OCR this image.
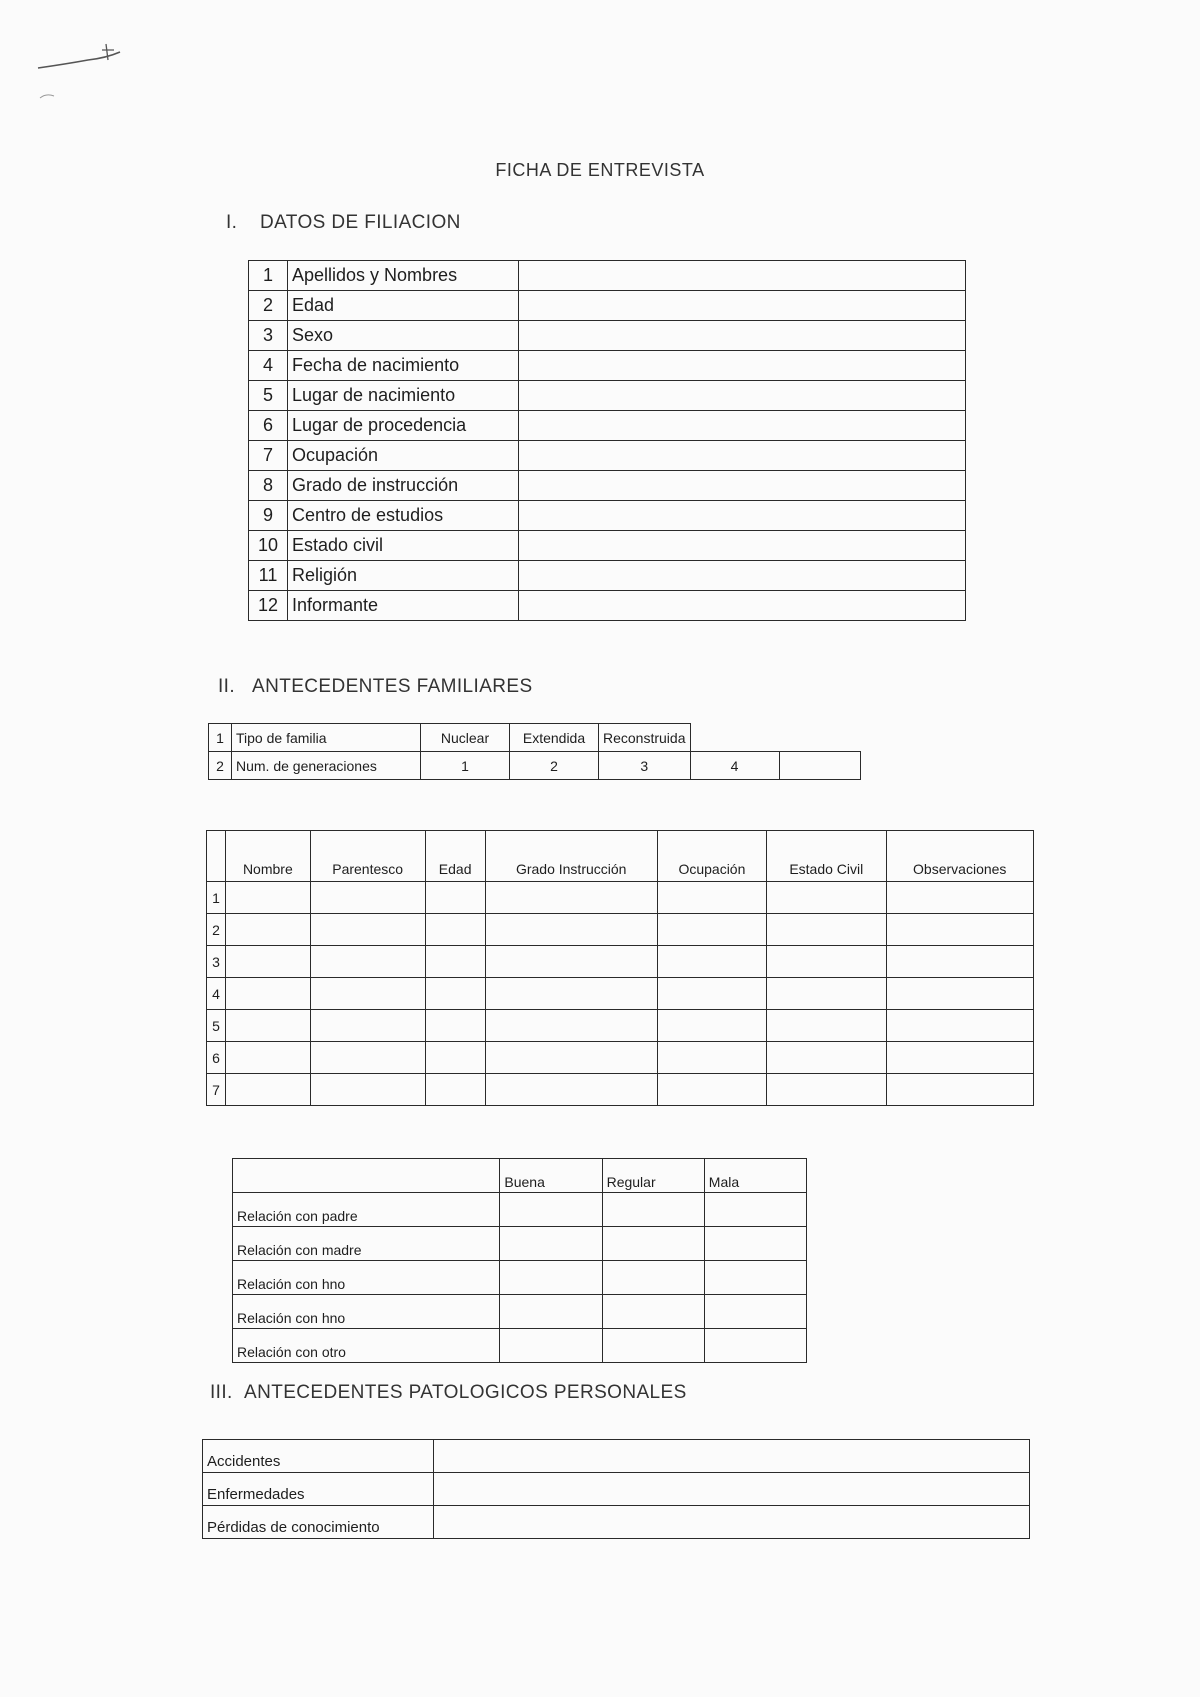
FICHA DE ENTREVISTA
I. DATOS DE FILIACION
1	Apellidos y Nombres	
2	Edad	
3	Sexo	
4	Fecha de nacimiento	
5	Lugar de nacimiento	
6	Lugar de procedencia	
7	Ocupación	
8	Grado de instrucción	
9	Centro de estudios	
10	Estado civil	
11	Religión	
12	Informante	
II. ANTECEDENTES FAMILIARES
1	Tipo de familia	Nuclear	Extendida	Reconstruida		
2	Num. de generaciones	1	2	3	4	
	Nombre	Parentesco	Edad	Grado Instrucción	Ocupación	Estado Civil	Observaciones
1							
2							
3							
4							
5							
6							
7							
	Buena	Regular	Mala
Relación con padre			
Relación con madre			
Relación con hno			
Relación con hno			
Relación con otro			
III. ANTECEDENTES PATOLOGICOS PERSONALES
Accidentes	
Enfermedades	
Pérdidas de conocimiento	
